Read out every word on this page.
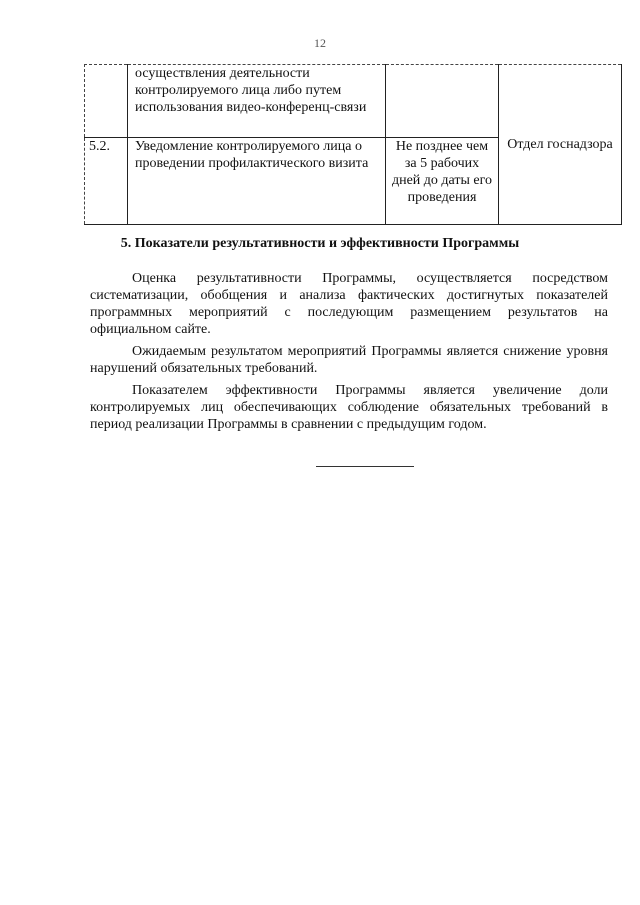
12
	осуществления деятельности контролируемого лица либо путем использования видео-конференц-связи		Отдел госнадзора
5.2.	Уведомление контролируемого лица о проведении профилактического визита	Не позднее чем за 5 рабочих дней до даты его проведения	
5. Показатели результативности и эффективности Программы

Оценка результативности Программы, осуществляется посредством систематизации, обобщения и анализа фактических достигнутых показателей программных мероприятий с последующим размещением результатов на официальном сайте.

Ожидаемым результатом мероприятий Программы является снижение уровня нарушений обязательных требований.

Показателем эффективности Программы является увеличение доли контролируемых лиц обеспечивающих соблюдение обязательных требований в период реализации Программы в сравнении с предыдущим годом.
